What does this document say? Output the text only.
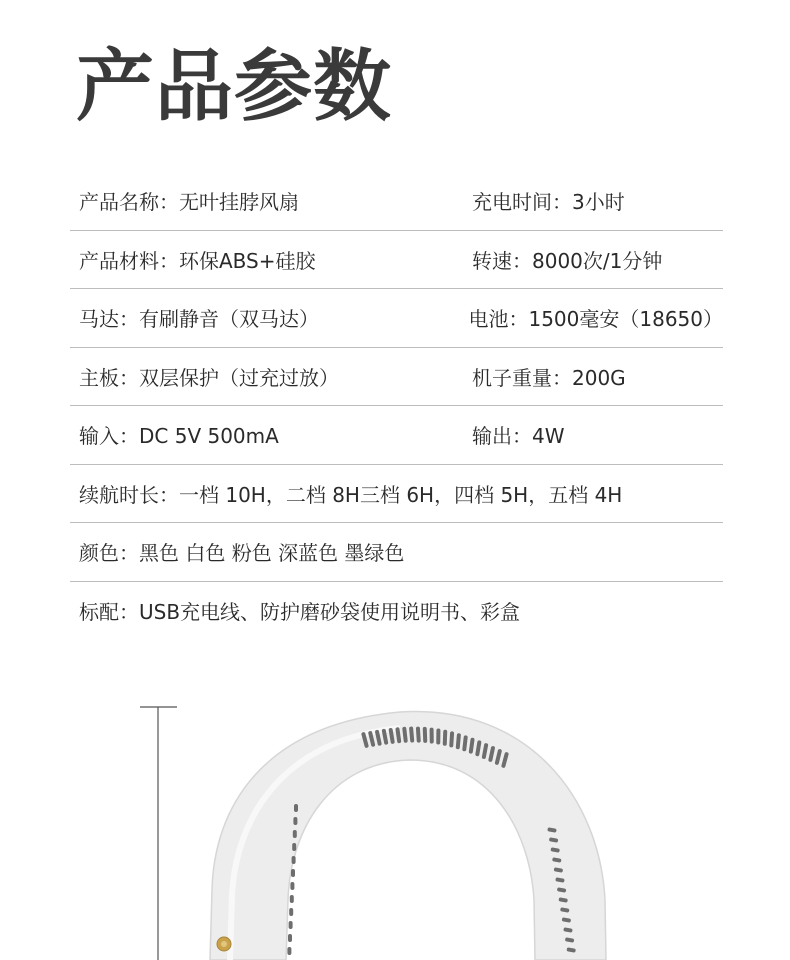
产品参数
产品名称：无叶挂脖风扇	充电时间：3小时
产品材料：环保ABS+硅胶	转速：8000次/1分钟
马达：有刷静音（双马达）	电池：1500毫安（18650）
主板：双层保护（过充过放）	机子重量：200G
输入：DC 5V 500mA	输出：4W
续航时长：一档 10H，二档 8H三档 6H，四档 5H，五档 4H
颜色：黑色 白色 粉色 深蓝色 墨绿色
标配：USB充电线、防护磨砂袋使用说明书、彩盒
